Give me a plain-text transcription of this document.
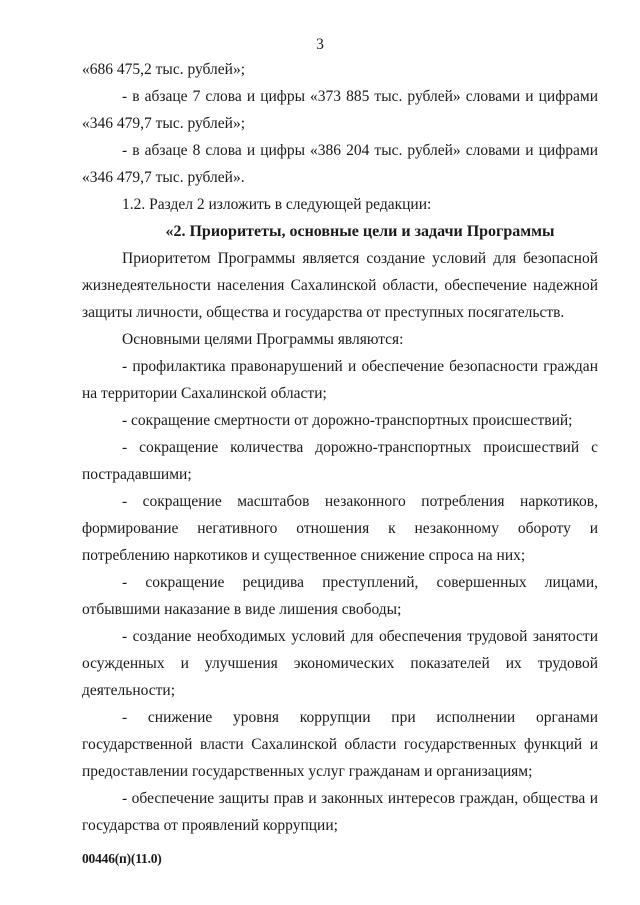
3

«686 475,2 тыс. рублей»;

- в абзаце 7 слова и цифры «373 885 тыс. рублей» словами и цифрами «346 479,7 тыс. рублей»;

- в абзаце 8 слова и цифры «386 204 тыс. рублей» словами и цифрами «346 479,7 тыс. рублей».

1.2. Раздел 2 изложить в следующей редакции:

«2. Приоритеты, основные цели и задачи Программы

Приоритетом Программы является создание условий для безопасной жизнедеятельности населения Сахалинской области, обеспечение надежной защиты личности, общества и государства от преступных посягательств.

Основными целями Программы являются:

- профилактика правонарушений и обеспечение безопасности граждан на территории Сахалинской области;

- сокращение смертности от дорожно-транспортных происшествий;

- сокращение количества дорожно-транспортных происшествий с пострадавшими;

- сокращение масштабов незаконного потребления наркотиков, формирование негативного отношения к незаконному обороту и потреблению наркотиков и существенное снижение спроса на них;

- сокращение рецидива преступлений, совершенных лицами, отбывшими наказание в виде лишения свободы;

- создание необходимых условий для обеспечения трудовой занятости осужденных и улучшения экономических показателей их трудовой деятельности;

- снижение уровня коррупции при исполнении органами государственной власти Сахалинской области государственных функций и предоставлении государственных услуг гражданам и организациям;

- обеспечение защиты прав и законных интересов граждан, общества и государства от проявлений коррупции;

00446(п)(11.0)
